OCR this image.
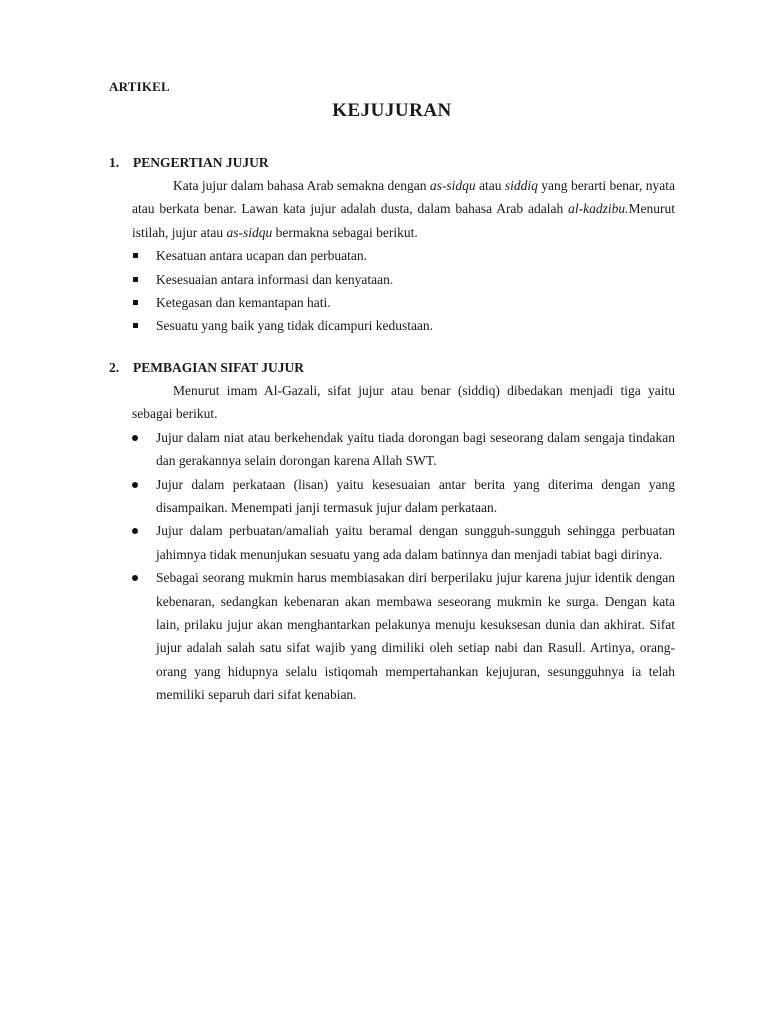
ARTIKEL
KEJUJURAN
1. PENGERTIAN JUJUR
Kata jujur dalam bahasa Arab semakna dengan as-sidqu atau siddiq yang berarti benar, nyata atau berkata benar. Lawan kata jujur adalah dusta, dalam bahasa Arab adalah al-kadzibu.Menurut istilah, jujur atau as-sidqu bermakna sebagai berikut.
Kesatuan antara ucapan dan perbuatan.
Kesesuaian antara informasi dan kenyataan.
Ketegasan dan kemantapan hati.
Sesuatu yang baik yang tidak dicampuri kedustaan.
2. PEMBAGIAN SIFAT JUJUR
Menurut imam Al-Gazali, sifat jujur atau benar (siddiq) dibedakan menjadi tiga yaitu sebagai berikut.
Jujur dalam niat atau berkehendak yaitu tiada dorongan bagi seseorang dalam sengaja tindakan dan gerakannya selain dorongan karena Allah SWT.
Jujur dalam perkataan (lisan) yaitu kesesuaian antar berita yang diterima dengan yang disampaikan. Menempati janji termasuk jujur dalam perkataan.
Jujur dalam perbuatan/amaliah yaitu beramal dengan sungguh-sungguh sehingga perbuatan jahimnya tidak menunjukan sesuatu yang ada dalam batinnya dan menjadi tabiat bagi dirinya.
Sebagai seorang mukmin harus membiasakan diri berperilaku jujur karena jujur identik dengan kebenaran, sedangkan kebenaran akan membawa seseorang mukmin ke surga. Dengan kata lain, prilaku jujur akan menghantarkan pelakunya menuju kesuksesan dunia dan akhirat. Sifat jujur adalah salah satu sifat wajib yang dimiliki oleh setiap nabi dan Rasull. Artinya, orang-orang yang hidupnya selalu istiqomah mempertahankan kejujuran, sesungguhnya ia telah memiliki separuh dari sifat kenabian.
